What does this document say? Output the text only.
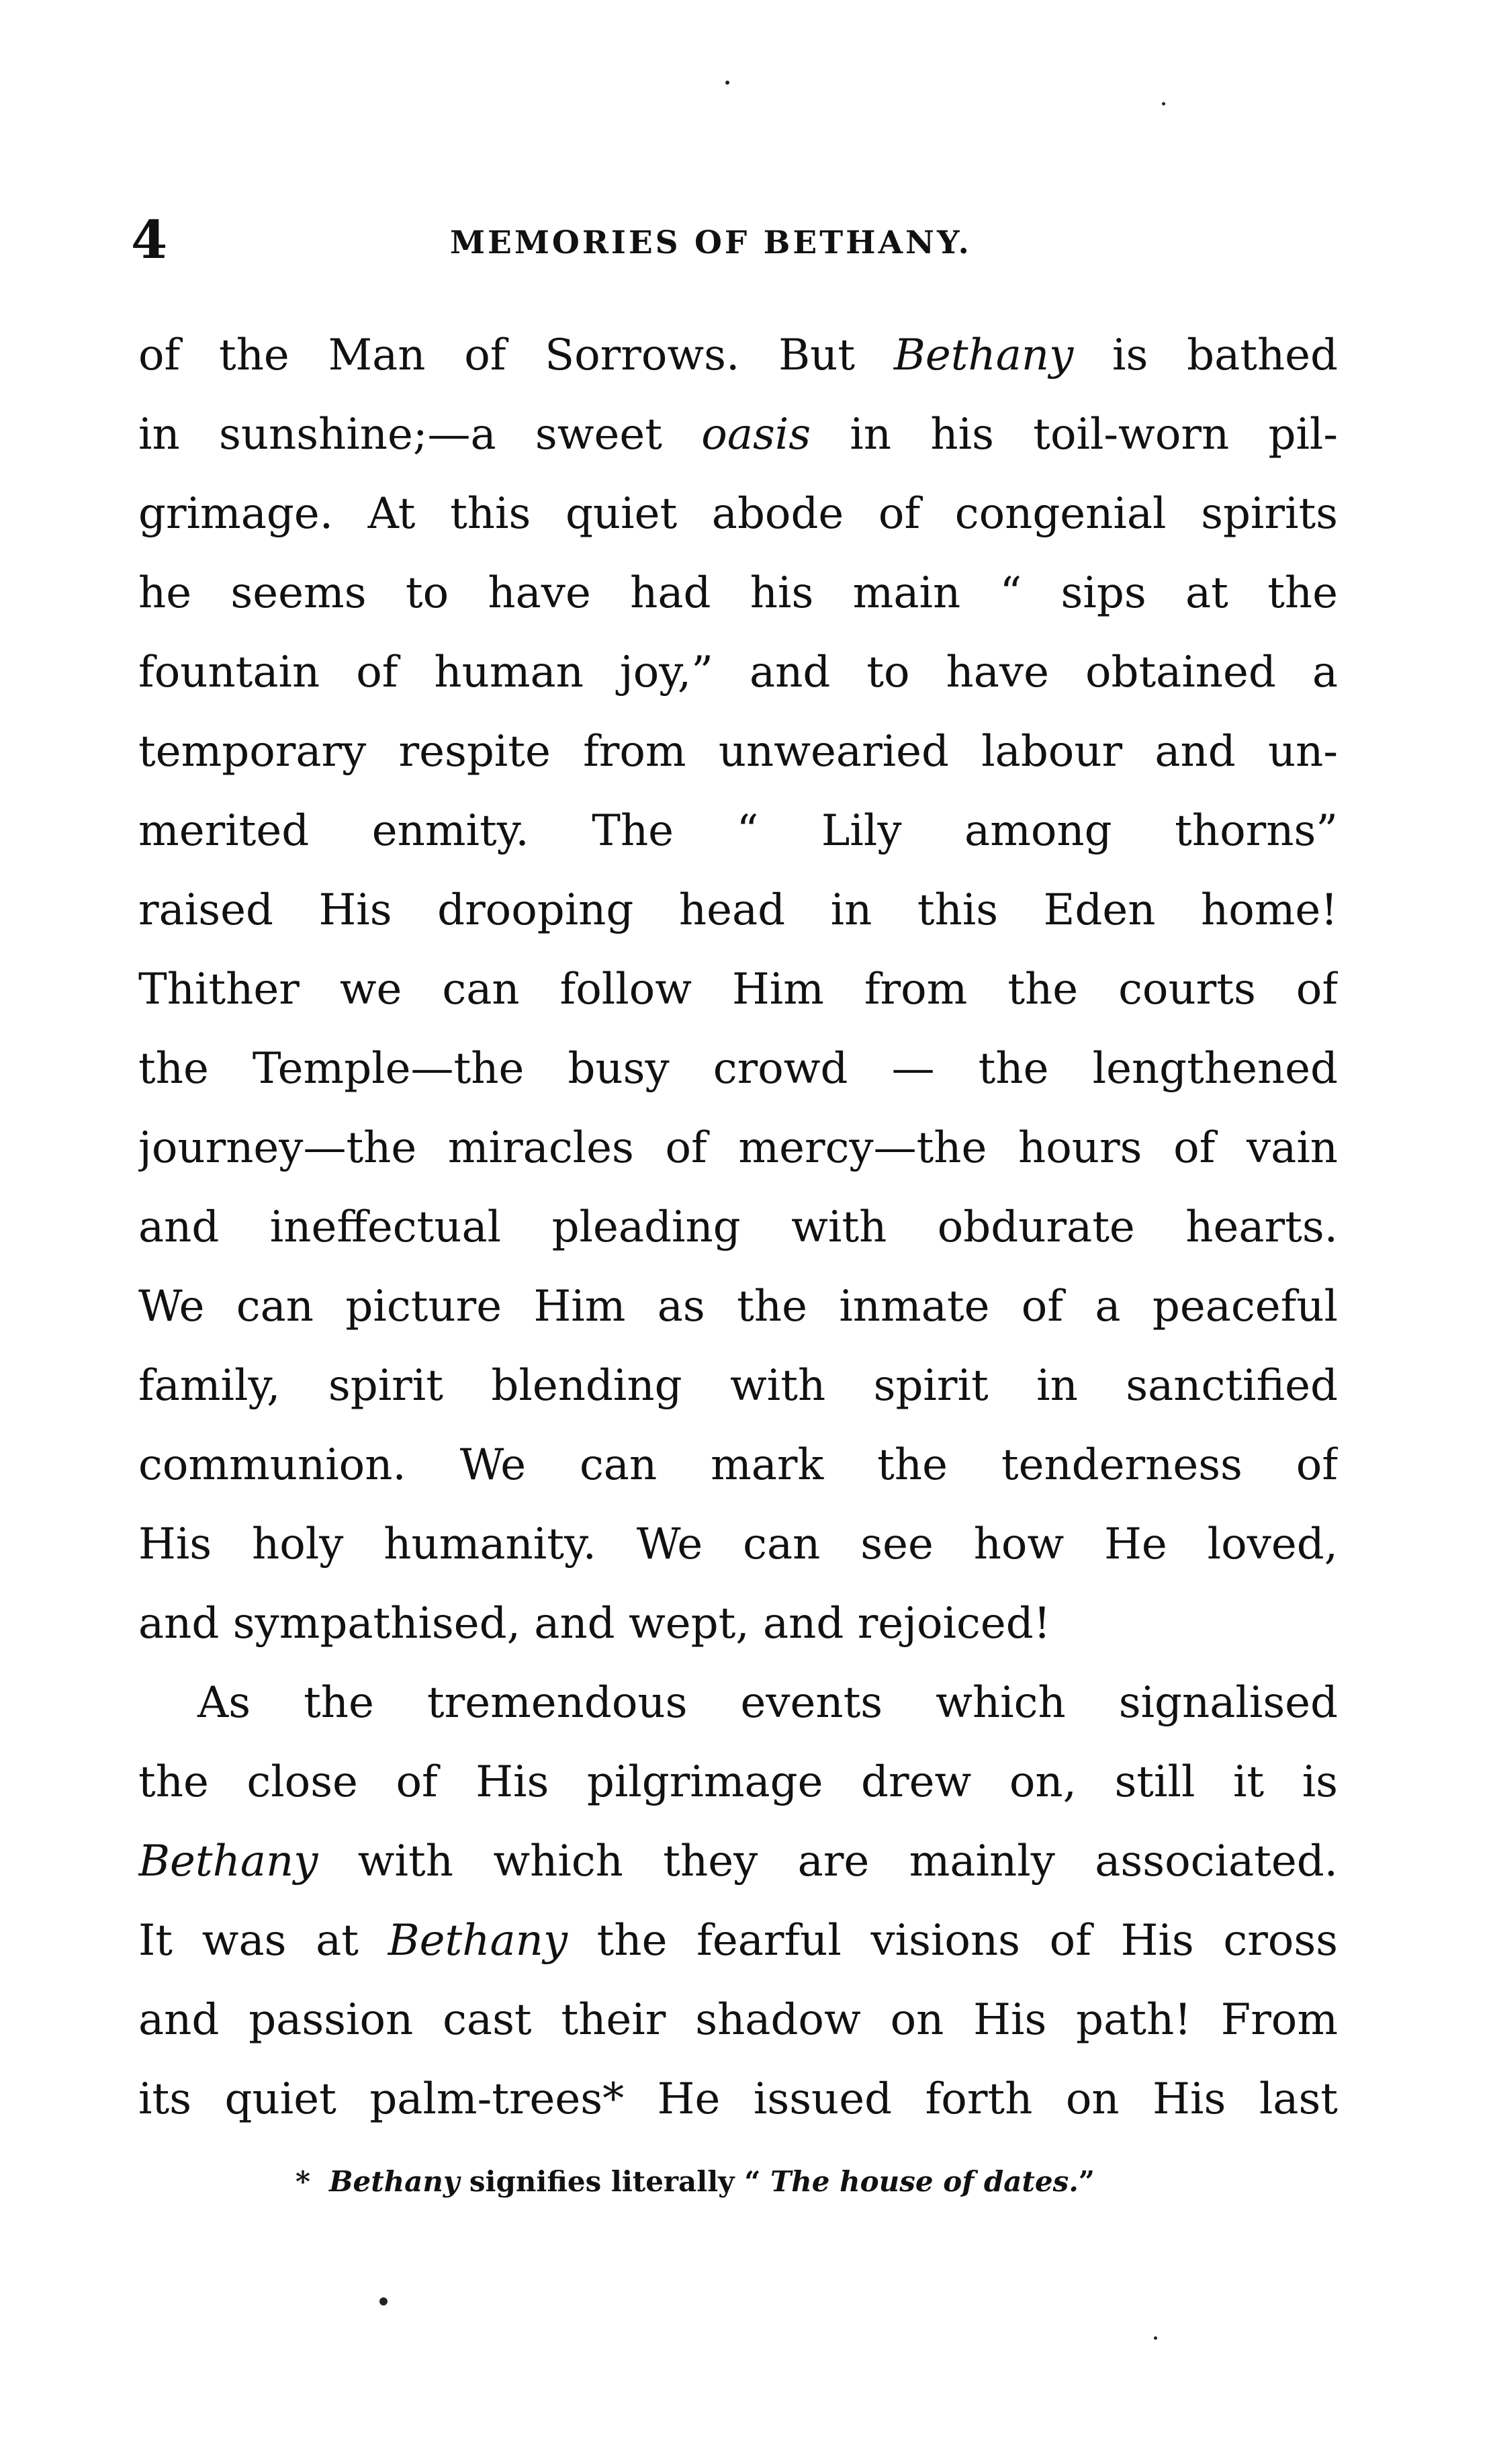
4	MEMORIES OF BETHANY.
of the Man of Sorrows. But Bethany is bathed
in sunshine;—a sweet oasis in his toil-worn pil-
grimage. At this quiet abode of congenial spirits
he seems to have had his main “ sips at the
fountain of human joy,” and to have obtained a
temporary respite from unwearied labour and un-
merited enmity. The “ Lily among thorns”
raised His drooping head in this Eden home!
Thither we can follow Him from the courts of
the Temple—the busy crowd — the lengthened
journey—the miracles of mercy—the hours of vain
and ineffectual pleading with obdurate hearts.
We can picture Him as the inmate of a peaceful
family, spirit blending with spirit in sanctified
communion. We can mark the tenderness of
His holy humanity. We can see how He loved,
and sympathised, and wept, and rejoiced!
As the tremendous events which signalised
the close of His pilgrimage drew on, still it is
Bethany with which they are mainly associated.
It was at Bethany the fearful visions of His cross
and passion cast their shadow on His path! From
its quiet palm-trees* He issued forth on His last
* Bethany signifies literally “ The house of dates.”
